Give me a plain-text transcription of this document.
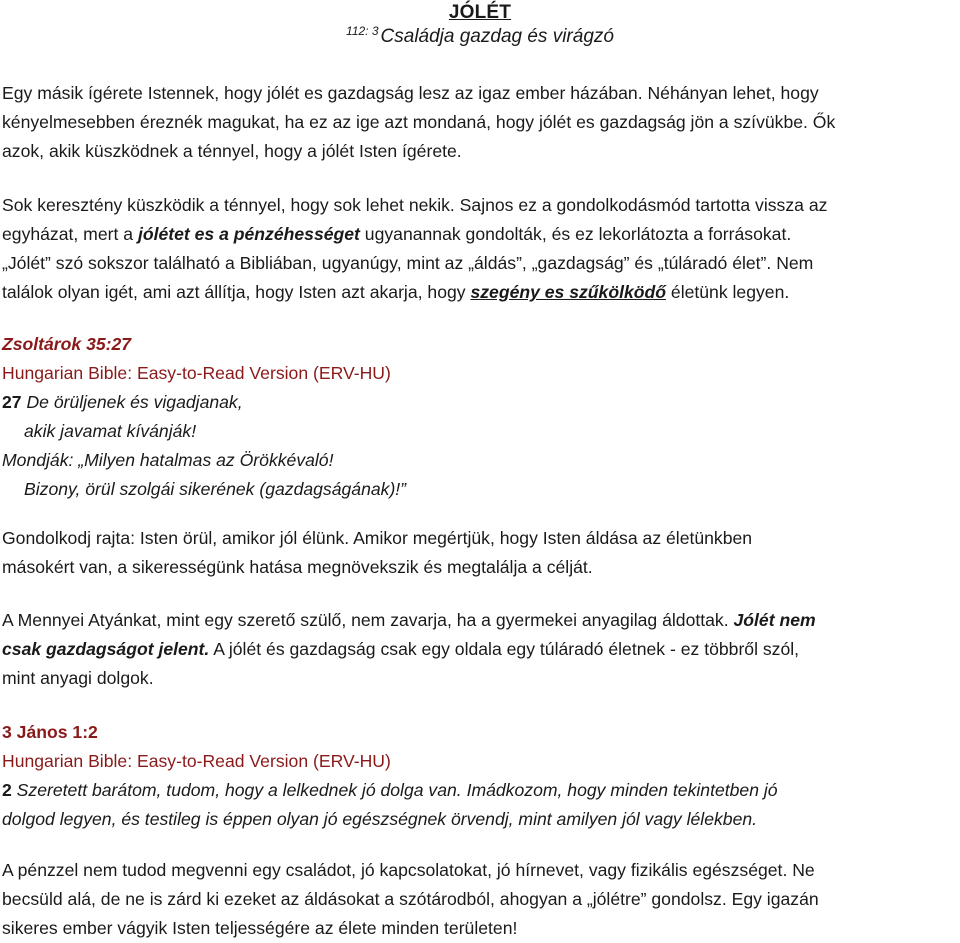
JÓLÉT
$^{112: 3}$ Családja gazdag és virágzó
Egy másik ígérete Istennek, hogy jólét es gazdagság lesz az igaz ember házában. Néhányan lehet, hogy
kényelmesebben éreznék magukat, ha ez az ige azt mondaná, hogy jólét es gazdagság jön a szívükbe. Ők
azok, akik küszködnek a ténnyel, hogy a jólét Isten ígérete.
Sok keresztény küszködik a ténnyel, hogy sok lehet nekik. Sajnos ez a gondolkodásmód tartotta vissza az
egyházat, mert a jólétet es a pénzéhességet ugyanannak gondolták, és ez lekorlátozta a forrásokat.
„Jólét” szó sokszor található a Bibliában, ugyanúgy, mint az „áldás”, „gazdagság” és „túláradó élet”. Nem
találok olyan igét, ami azt állítja, hogy Isten azt akarja, hogy szegény es szűkölködő életünk legyen.
Zsoltárok 35:27
Hungarian Bible: Easy-to-Read Version (ERV-HU)
27 De örüljenek és vigadjanak,
akik javamat kívánják!
Mondják: „Milyen hatalmas az Örökkévaló!
Bizony, örül szolgái sikerének (gazdagságának)!”
Gondolkodj rajta: Isten örül, amikor jól élünk. Amikor megértjük, hogy Isten áldása az életünkben
másokért van, a sikerességünk hatása megnövekszik és megtalálja a célját.
A Mennyei Atyánkat, mint egy szerető szülő, nem zavarja, ha a gyermekei anyagilag áldottak. Jólét nem
csak gazdagságot jelent. A jólét és gazdagság csak egy oldala egy túláradó életnek - ez többről szól,
mint anyagi dolgok.
3 János 1:2
Hungarian Bible: Easy-to-Read Version (ERV-HU)
2 Szeretett barátom, tudom, hogy a lelkednek jó dolga van. Imádkozom, hogy minden tekintetben jó
dolgod legyen, és testileg is éppen olyan jó egészségnek örvendj, mint amilyen jól vagy lélekben.
A pénzzel nem tudod megvenni egy családot, jó kapcsolatokat, jó hírnevet, vagy fizikális egészséget. Ne
becsüld alá, de ne is zárd ki ezeket az áldásokat a szótárodból, ahogyan a „jólétre” gondolsz. Egy igazán
sikeres ember vágyik Isten teljességére az élete minden területen!
